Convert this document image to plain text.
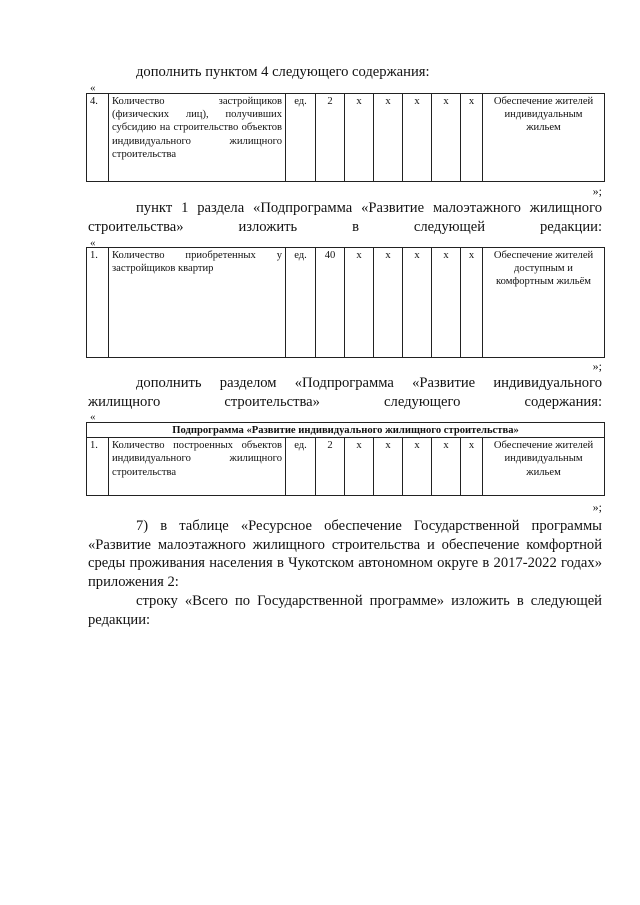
дополнить пунктом 4 следующего содержания:
«
4.	Количество застройщиков (физических лиц), получивших субсидию на строительство объектов индивидуального жилищного строительства	ед.	2	х	х	х	х	х	Обеспечение жителей индивидуальным жильем
»;
пункт 1 раздела «Подпрограмма «Развитие малоэтажного жилищного строительства» изложить в следующей редакции:
«
1.	Количество приобретенных у застройщиков квартир	ед.	40	х	х	х	х	х	Обеспечение жителей доступным и комфортным жильём
»;
дополнить разделом «Подпрограмма «Развитие индивидуального жилищного строительства» следующего содержания:
«
Подпрограмма «Развитие индивидуального жилищного строительства»
1.	Количество построенных объектов индивидуального жилищного строительства	ед.	2	х	х	х	х	х	Обеспечение жителей индивидуальным жильем
»;
7) в таблице «Ресурсное обеспечение Государственной программы «Развитие малоэтажного жилищного строительства и обеспечение комфортной среды проживания населения в Чукотском автономном округе в 2017-2022 годах» приложения 2:
строку «Всего по Государственной программе» изложить в следующей редакции:
